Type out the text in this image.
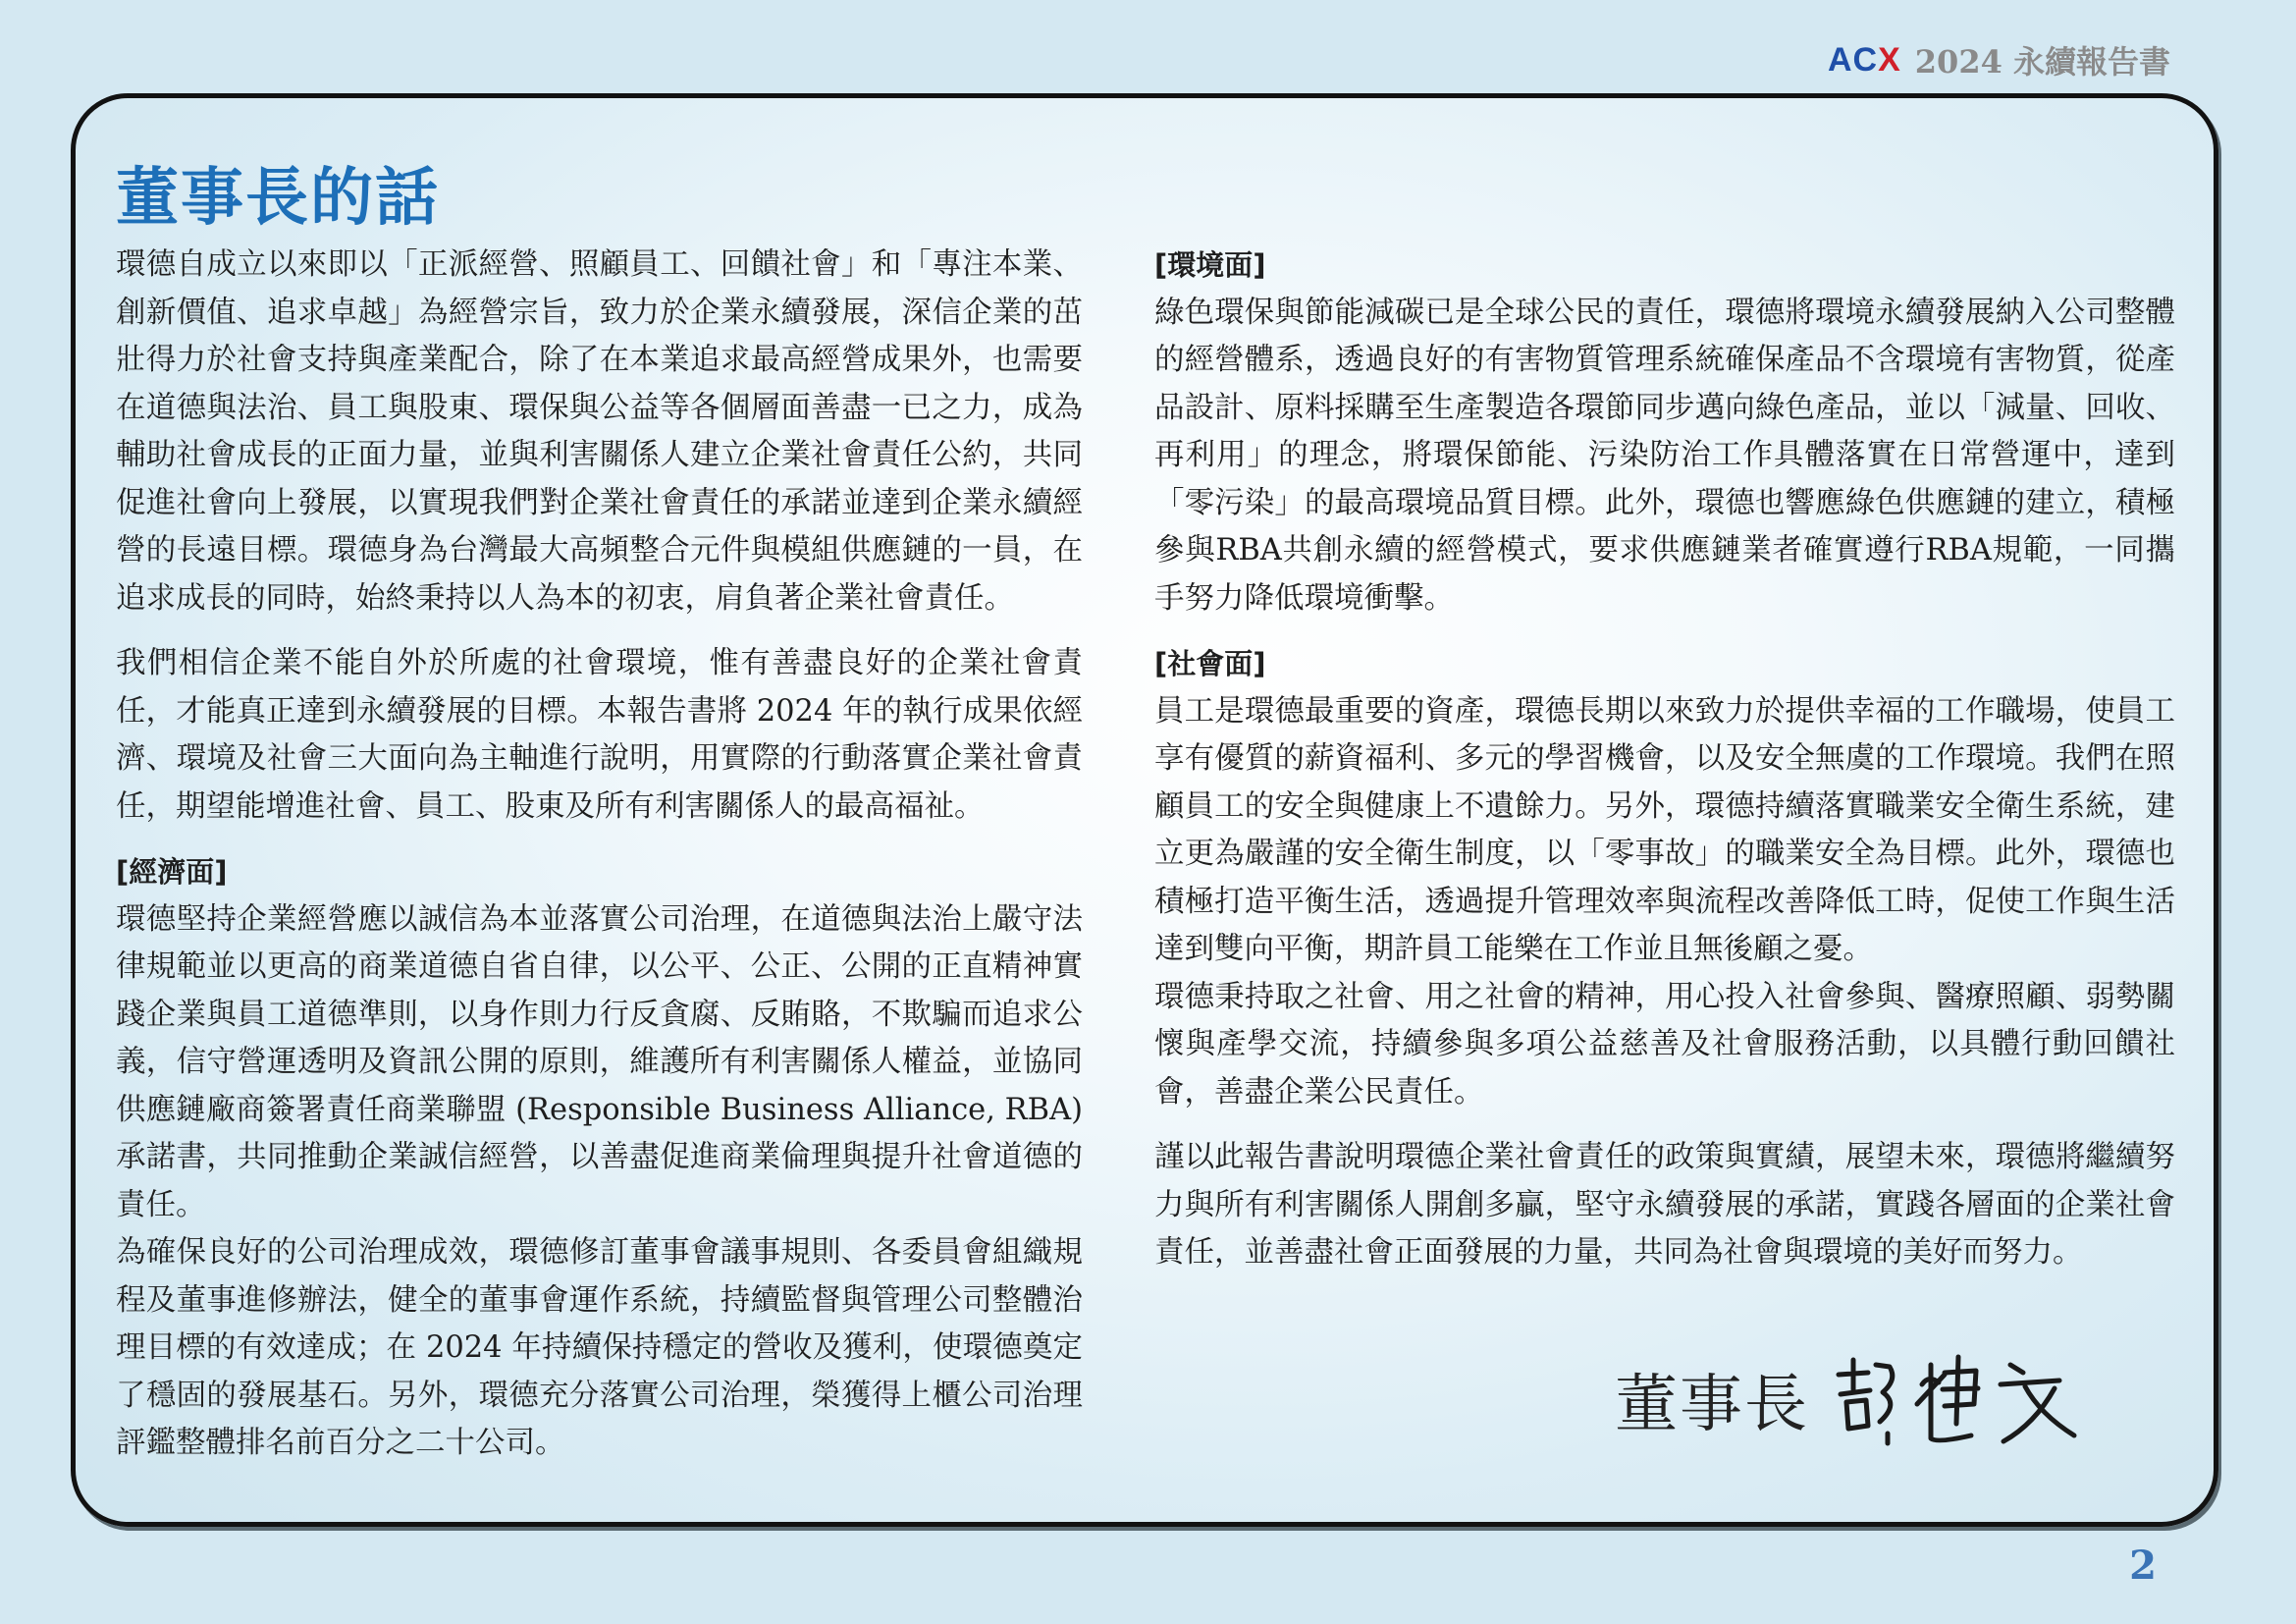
ACX 2024 永續報告書
董事長的話

環德自成立以來即以「正派經營、照顧員工、回饋社會」和「專注本業、創新價值、追求卓越」為經營宗旨，致力於企業永續發展，深信企業的茁壯得力於社會支持與產業配合，除了在本業追求最高經營成果外，也需要在道德與法治、員工與股東、環保與公益等各個層面善盡一已之力，成為輔助社會成長的正面力量，並與利害關係人建立企業社會責任公約，共同促進社會向上發展，以實現我們對企業社會責任的承諾並達到企業永續經營的長遠目標。環德身為台灣最大高頻整合元件與模組供應鏈的一員，在追求成長的同時，始終秉持以人為本的初衷，肩負著企業社會責任。

我們相信企業不能自外於所處的社會環境，惟有善盡良好的企業社會責任，才能真正達到永續發展的目標。本報告書將 2024 年的執行成果依經濟、環境及社會三大面向為主軸進行說明，用實際的行動落實企業社會責任，期望能增進社會、員工、股東及所有利害關係人的最高福祉。

[經濟面]

環德堅持企業經營應以誠信為本並落實公司治理，在道德與法治上嚴守法律規範並以更高的商業道德自省自律，以公平、公正、公開的正直精神實踐企業與員工道德準則，以身作則力行反貪腐、反賄賂，不欺騙而追求公義，信守營運透明及資訊公開的原則，維護所有利害關係人權益，並協同供應鏈廠商簽署責任商業聯盟 (Responsible Business Alliance, RBA)承諾書，共同推動企業誠信經營，以善盡促進商業倫理與提升社會道德的責任。

為確保良好的公司治理成效，環德修訂董事會議事規則、各委員會組織規程及董事進修辦法，健全的董事會運作系統，持續監督與管理公司整體治理目標的有效達成；在 2024 年持續保持穩定的營收及獲利，使環德奠定了穩固的發展基石。另外，環德充分落實公司治理，榮獲得上櫃公司治理評鑑整體排名前百分之二十公司。

[環境面]

綠色環保與節能減碳已是全球公民的責任，環德將環境永續發展納入公司整體的經營體系，透過良好的有害物質管理系統確保產品不含環境有害物質，從產品設計、原料採購至生產製造各環節同步邁向綠色產品，並以「減量、回收、再利用」的理念，將環保節能、污染防治工作具體落實在日常營運中，達到「零污染」的最高環境品質目標。此外，環德也響應綠色供應鏈的建立，積極參與RBA共創永續的經營模式，要求供應鏈業者確實遵行RBA規範，一同攜手努力降低環境衝擊。

[社會面]

員工是環德最重要的資產，環德長期以來致力於提供幸福的工作職場，使員工享有優質的薪資福利、多元的學習機會，以及安全無虞的工作環境。我們在照顧員工的安全與健康上不遺餘力。另外，環德持續落實職業安全衛生系統，建立更為嚴謹的安全衛生制度，以「零事故」的職業安全為目標。此外，環德也積極打造平衡生活，透過提升管理效率與流程改善降低工時，促使工作與生活達到雙向平衡，期許員工能樂在工作並且無後顧之憂。

環德秉持取之社會、用之社會的精神，用心投入社會參與、醫療照顧、弱勢關懷與產學交流，持續參與多項公益慈善及社會服務活動，以具體行動回饋社會，善盡企業公民責任。

謹以此報告書說明環德企業社會責任的政策與實績，展望未來，環德將繼續努力與所有利害關係人開創多贏，堅守永續發展的承諾，實踐各層面的企業社會責任，並善盡社會正面發展的力量，共同為社會與環境的美好而努力。

董事長
2
